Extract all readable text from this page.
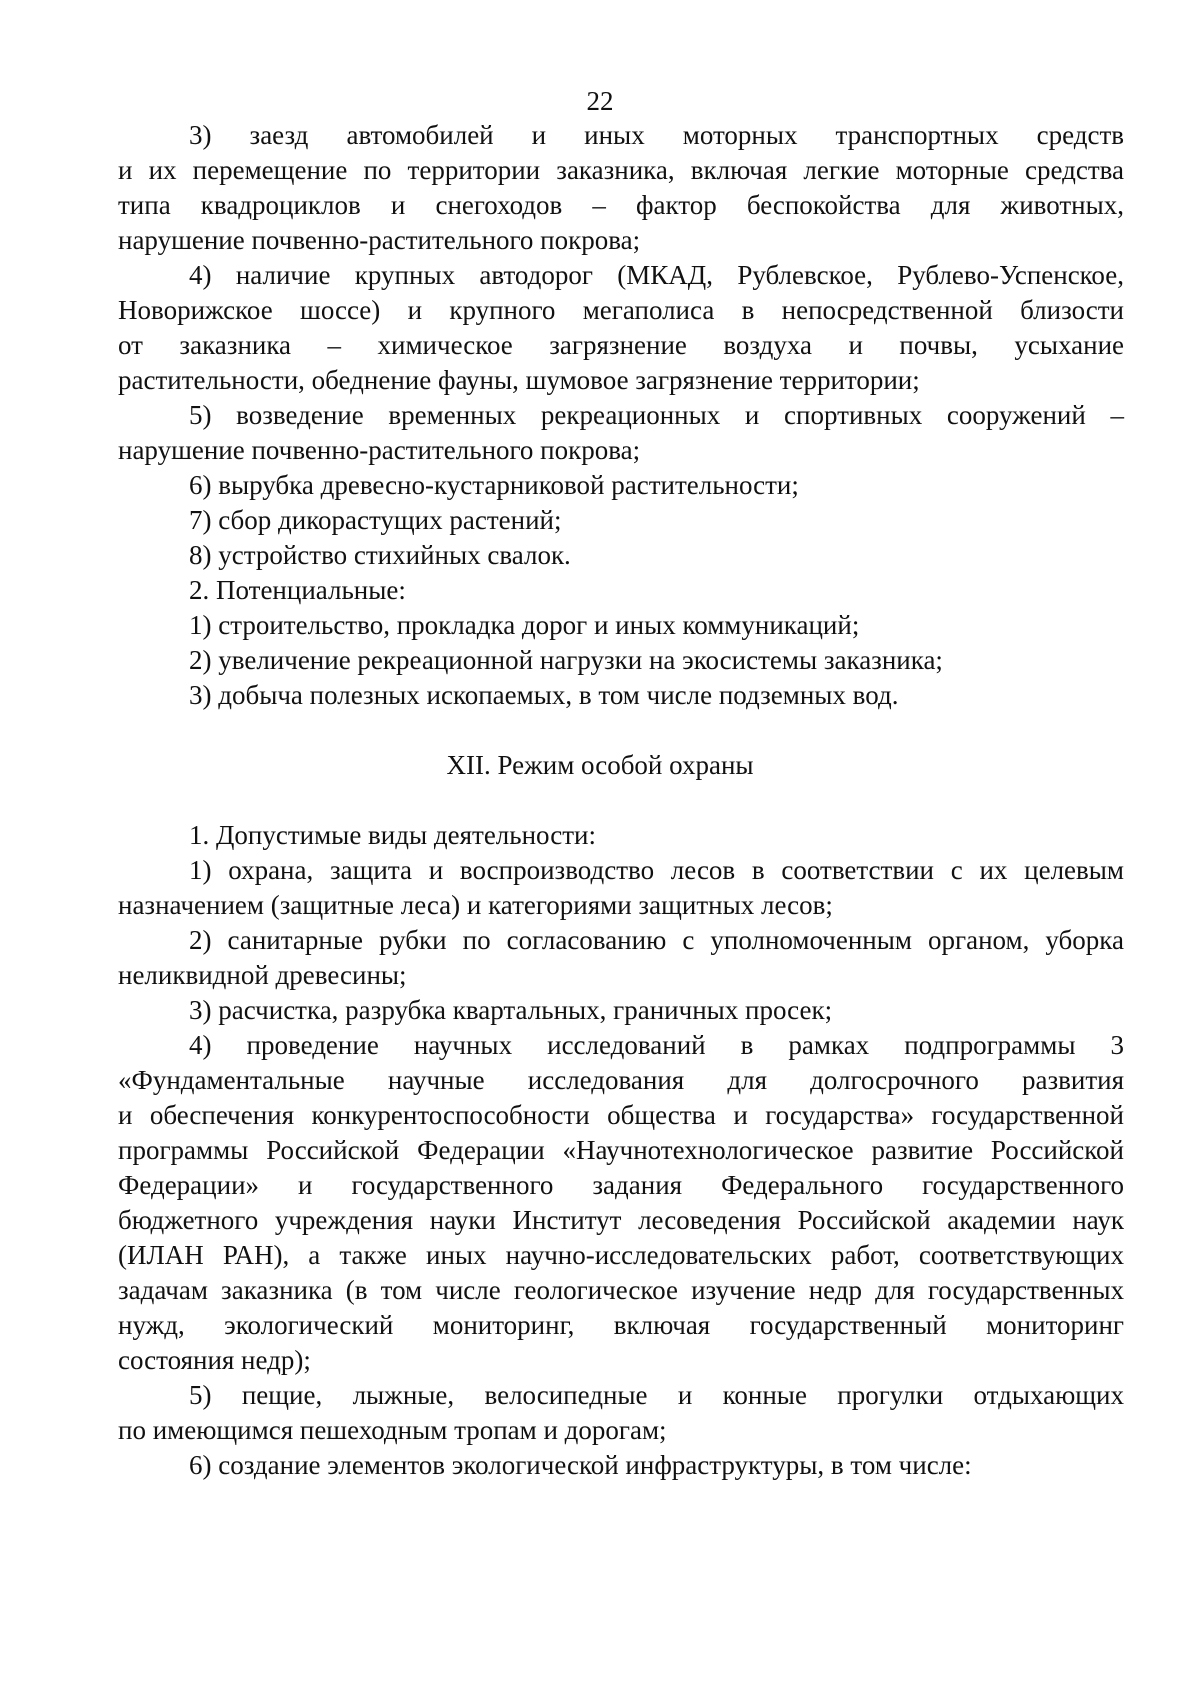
22
3) заезд автомобилей и иных моторных транспортных средств
и их перемещение по территории заказника, включая легкие моторные средства
типа квадроциклов и снегоходов – фактор беспокойства для животных,
нарушение почвенно-растительного покрова;
4) наличие крупных автодорог (МКАД, Рублевское, Рублево-Успенское,
Новорижское шоссе) и крупного мегаполиса в непосредственной близости
от заказника – химическое загрязнение воздуха и почвы, усыхание
растительности, обеднение фауны, шумовое загрязнение территории;
5) возведение временных рекреационных и спортивных сооружений –
нарушение почвенно-растительного покрова;
6) вырубка древесно-кустарниковой растительности;
7) сбор дикорастущих растений;
8) устройство стихийных свалок.
2. Потенциальные:
1) строительство, прокладка дорог и иных коммуникаций;
2) увеличение рекреационной нагрузки на экосистемы заказника;
3) добыча полезных ископаемых, в том числе подземных вод.
XII. Режим особой охраны
1. Допустимые виды деятельности:
1) охрана, защита и воспроизводство лесов в соответствии с их целевым
назначением (защитные леса) и категориями защитных лесов;
2) санитарные рубки по согласованию с уполномоченным органом, уборка
неликвидной древесины;
3) расчистка, разрубка квартальных, граничных просек;
4) проведение научных исследований в рамках подпрограммы 3
«Фундаментальные научные исследования для долгосрочного развития
и обеспечения конкурентоспособности общества и государства» государственной
программы Российской Федерации «Научнотехнологическое развитие Российской
Федерации» и государственного задания Федерального государственного
бюджетного учреждения науки Институт лесоведения Российской академии наук
(ИЛАН РАН), а также иных научно-исследовательских работ, соответствующих
задачам заказника (в том числе геологическое изучение недр для государственных
нужд, экологический мониторинг, включая государственный мониторинг
состояния недр);
5) пещие, лыжные, велосипедные и конные прогулки отдыхающих
по имеющимся пешеходным тропам и дорогам;
6) создание элементов экологической инфраструктуры, в том числе:
